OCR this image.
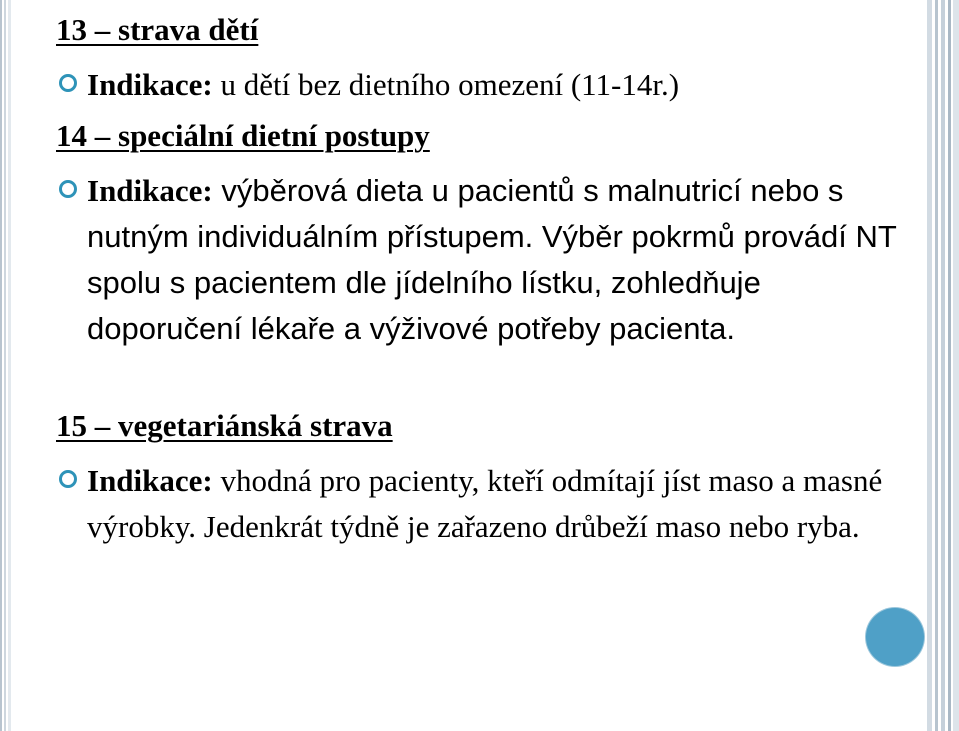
13 – strava dětí
Indikace: u dětí bez dietního omezení (11-14r.)
14 – speciální dietní postupy
Indikace: výběrová dieta u pacientů s malnutricí nebo s nutným individuálním přístupem. Výběr pokrmů provádí NT spolu s pacientem dle jídelního lístku, zohledňuje doporučení lékaře a výživové potřeby pacienta.
15 – vegetariánská strava
Indikace: vhodná pro pacienty, kteří odmítají jíst maso a masné výrobky. Jedenkrát týdně je zařazeno drůbeží maso nebo ryba.
